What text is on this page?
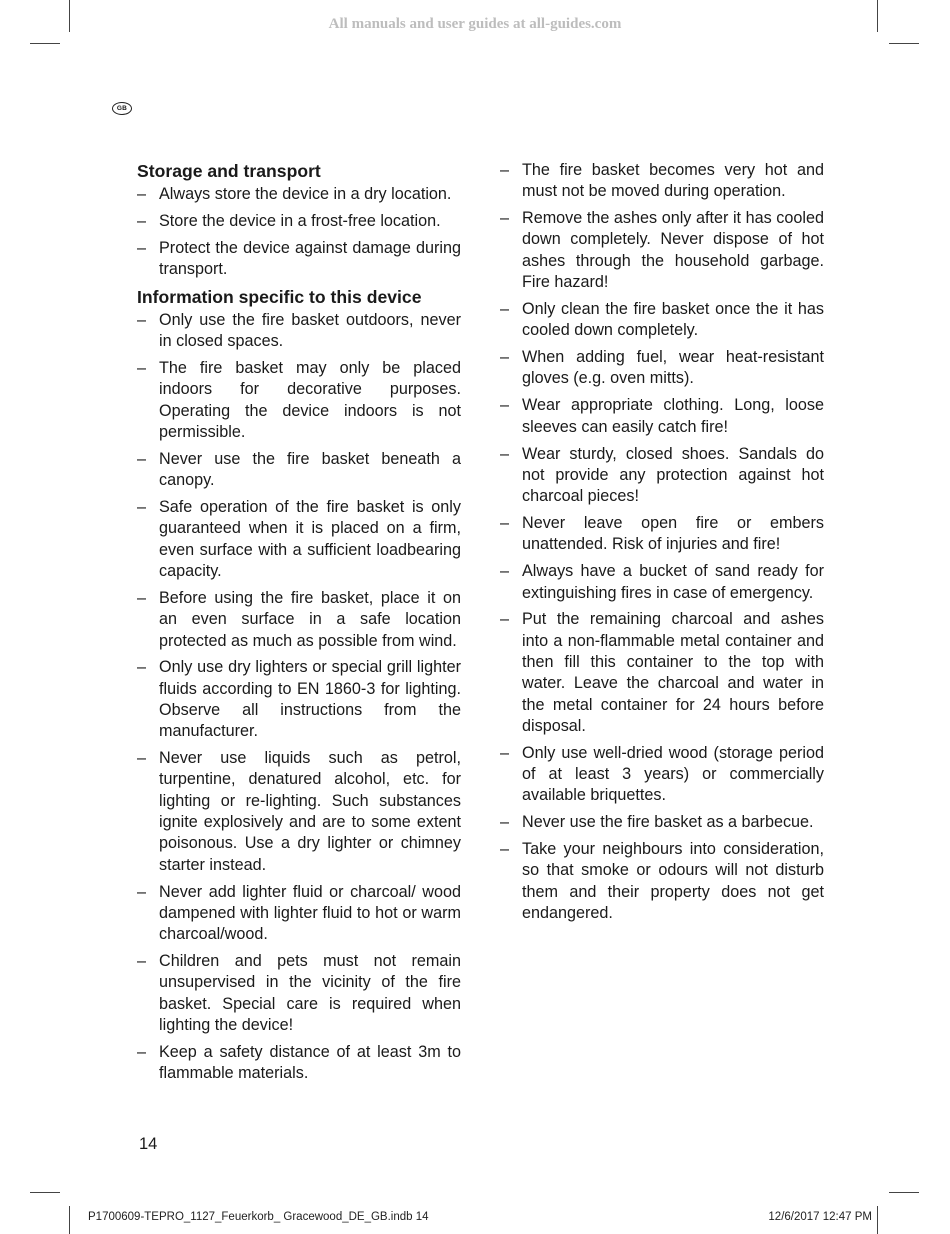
All manuals and user guides at all-guides.com
GB
Storage and transport
– Always store the device in a dry location.
– Store the device in a frost-free location.
– Protect the device against damage during transport.
Information specific to this device
– Only use the fire basket outdoors, never in closed spaces.
– The fire basket may only be placed indoors for decorative purposes. Operating the device indoors is not permissible.
– Never use the fire basket beneath a canopy.
– Safe operation of the fire basket is only guaranteed when it is placed on a firm, even surface with a sufficient loadbearing capacity.
– Before using the fire basket, place it on an even surface in a safe location protected as much as possible from wind.
– Only use dry lighters or special grill lighter fluids according to EN 1860-3 for lighting. Observe all instructions from the manufacturer.
– Never use liquids such as petrol, turpentine, denatured alcohol, etc. for lighting or re-lighting. Such substances ignite explosively and are to some extent poisonous. Use a dry lighter or chimney starter instead.
– Never add lighter fluid or charcoal/ wood dampened with lighter fluid to hot or warm charcoal/wood.
– Children and pets must not remain unsupervised in the vicinity of the fire basket. Special care is required when lighting the device!
– Keep a safety distance of at least 3m to flammable materials.
– The fire basket becomes very hot and must not be moved during operation.
– Remove the ashes only after it has cooled down completely. Never dispose of hot ashes through the household garbage. Fire hazard!
– Only clean the fire basket once the it has cooled down completely.
– When adding fuel, wear heat-resistant gloves (e.g. oven mitts).
– Wear appropriate clothing. Long, loose sleeves can easily catch fire!
– Wear sturdy, closed shoes. Sandals do not provide any protection against hot charcoal pieces!
– Never leave open fire or embers unattended. Risk of injuries and fire!
– Always have a bucket of sand ready for extinguishing fires in case of emergency.
– Put the remaining charcoal and ashes into a non-flammable metal container and then fill this container to the top with water. Leave the charcoal and water in the metal container for 24 hours before disposal.
– Only use well-dried wood (storage period of at least 3 years) or commercially available briquettes.
– Never use the fire basket as a barbecue.
– Take your neighbours into consideration, so that smoke or odours will not disturb them and their property does not get endangered.
14
P1700609-TEPRO_1127_Feuerkorb_ Gracewood_DE_GB.indb 14	12/6/2017 12:47 PM
